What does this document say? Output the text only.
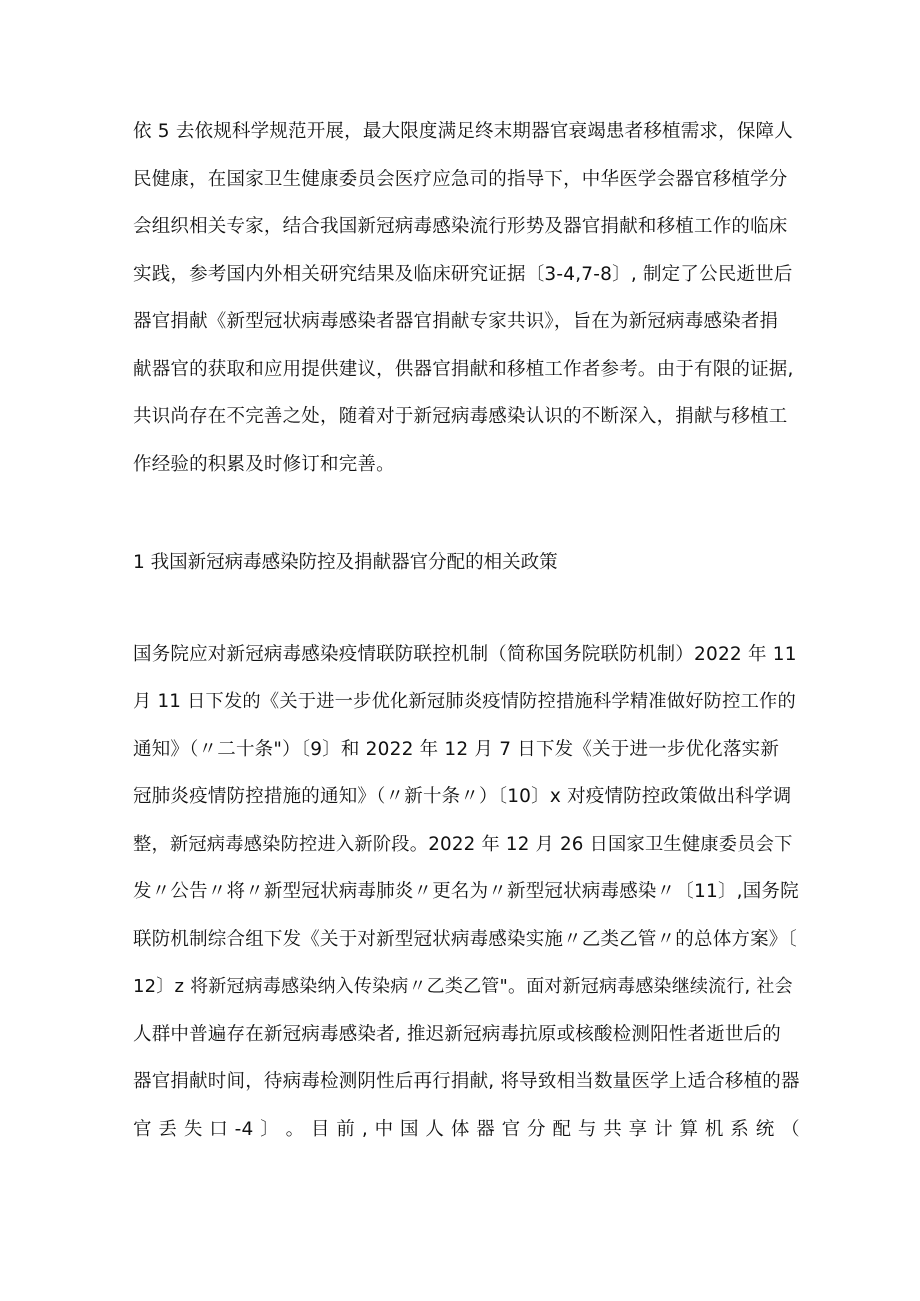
依 5 去依规科学规范开展，最大限度满足终末期器官衰竭患者移植需求，保障人
民健康，在国家卫生健康委员会医疗应急司的指导下，中华医学会器官移植学分
会组织相关专家，结合我国新冠病毒感染流行形势及器官捐献和移植工作的临床
实践，参考国内外相关研究结果及临床研究证据〔3-4,7-8〕, 制定了公民逝世后
器官捐献《新型冠状病毒感染者器官捐献专家共识》，旨在为新冠病毒感染者捐
献器官的获取和应用提供建议，供器官捐献和移植工作者参考。由于有限的证据,
共识尚存在不完善之处，随着对于新冠病毒感染认识的不断深入，捐献与移植工
作经验的积累及时修订和完善。
1 我国新冠病毒感染防控及捐献器官分配的相关政策
国务院应对新冠病毒感染疫情联防联控机制（简称国务院联防机制）2022 年 11
月 11 日下发的《关于进一步优化新冠肺炎疫情防控措施科学精准做好防控工作的
通知》（〃二十条"）〔9〕和 2022 年 12 月 7 日下发《关于进一步优化落实新
冠肺炎疫情防控措施的通知》（〃新十条〃）〔10〕x 对疫情防控政策做出科学调
整，新冠病毒感染防控进入新阶段。2022 年 12 月 26 日国家卫生健康委员会下
发〃公告〃将〃新型冠状病毒肺炎〃更名为〃新型冠状病毒感染〃〔11〕,国务院
联防机制综合组下发《关于对新型冠状病毒感染实施〃乙类乙管〃的总体方案》〔
12〕z 将新冠病毒感染纳入传染病〃乙类乙管"。面对新冠病毒感染继续流行, 社会
人群中普遍存在新冠病毒感染者, 推迟新冠病毒抗原或核酸检测阳性者逝世后的
器官捐献时间，待病毒检测阴性后再行捐献, 将导致相当数量医学上适合移植的器
官 丢 失 口 -4 〕 。 目 前 , 中 国 人 体 器 官 分 配 与 共 享 计 算 机 系 统 （
